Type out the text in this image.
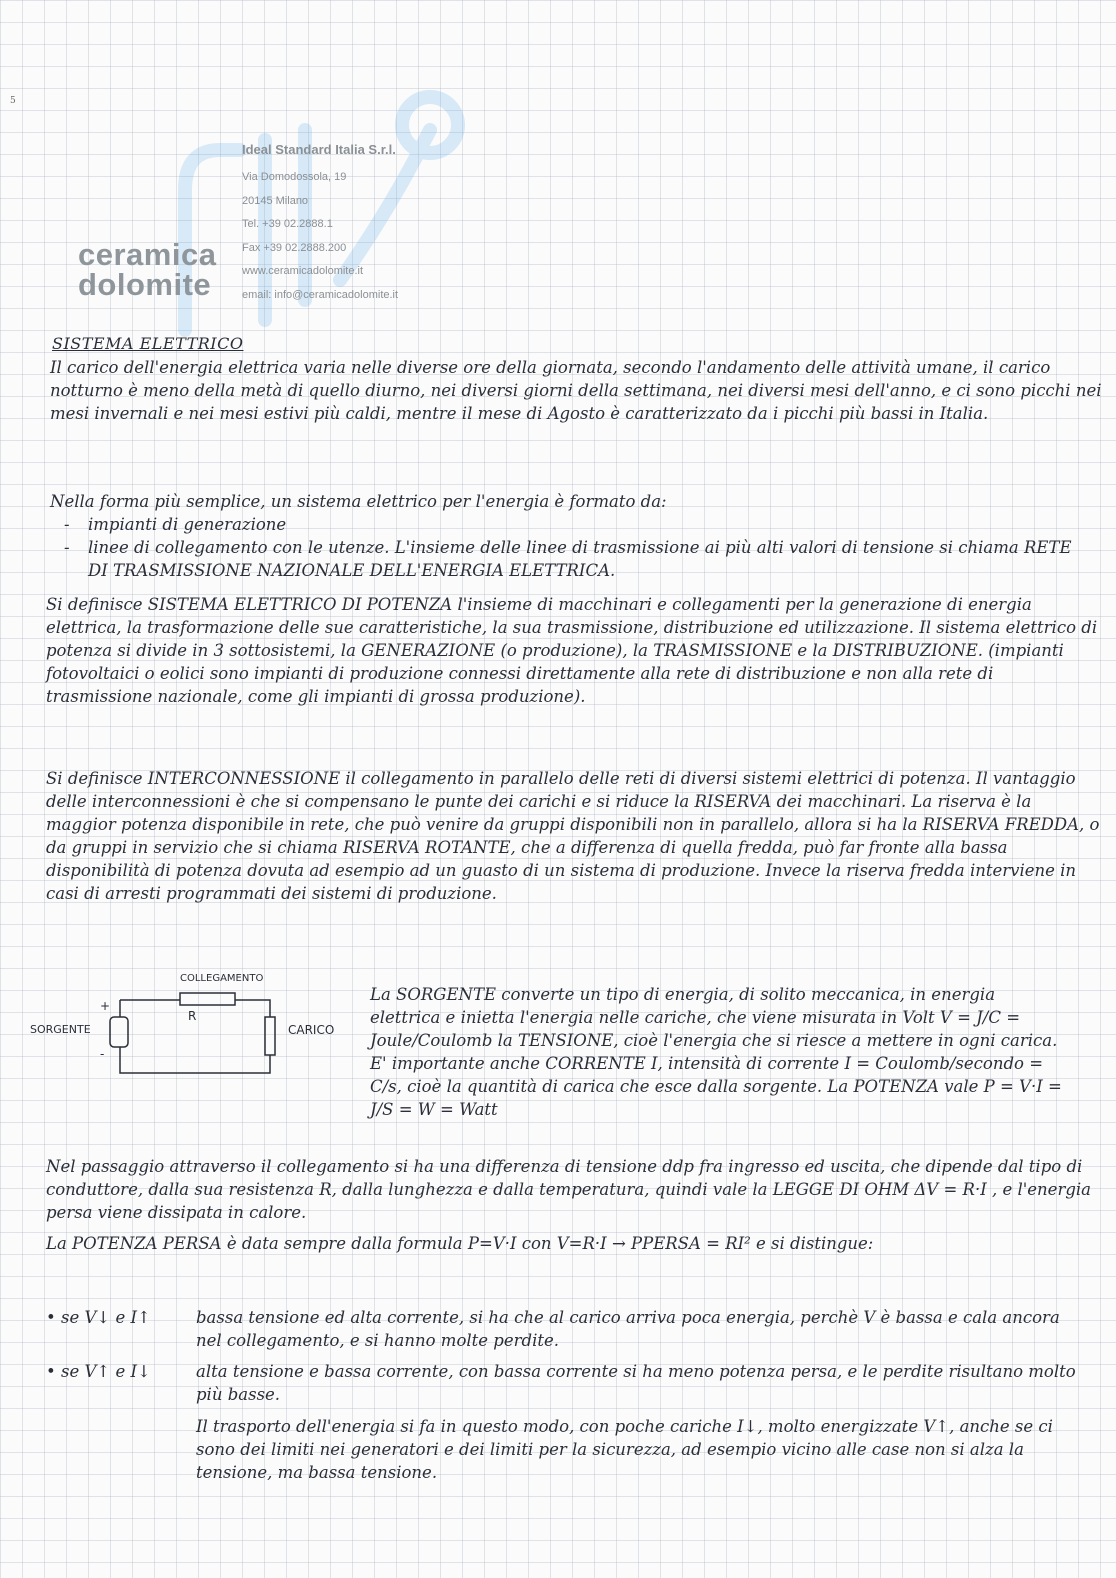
5
ceramica
dolomite
Ideal Standard Italia S.r.l.
Via Domodossola, 19
20145 Milano
Tel. +39 02.2888.1
Fax +39 02.2888.200
www.ceramicadolomite.it
email: info@ceramicadolomite.it
SISTEMA ELETTRICO
Il carico dell'energia elettrica varia nelle diverse ore della giornata, secondo l'andamento delle attività umane, il carico notturno è meno della metà di quello diurno, nei diversi giorni della settimana, nei diversi mesi dell'anno, e ci sono picchi nei mesi invernali e nei mesi estivi più caldi, mentre il mese di Agosto è caratterizzato da i picchi più bassi in Italia.
Nella forma più semplice, un sistema elettrico per l'energia è formato da:
- impianti di generazione
- linee di collegamento con le utenze. L'insieme delle linee di trasmissione ai più alti valori di tensione si chiama RETE DI TRASMISSIONE NAZIONALE DELL'ENERGIA ELETTRICA.
Si definisce SISTEMA ELETTRICO DI POTENZA l'insieme di macchinari e collegamenti per la generazione di energia elettrica, la trasformazione delle sue caratteristiche, la sua trasmissione, distribuzione ed utilizzazione. Il sistema elettrico di potenza si divide in 3 sottosistemi, la GENERAZIONE (o produzione), la TRASMISSIONE e la DISTRIBUZIONE. (impianti fotovoltaici o eolici sono impianti di produzione connessi direttamente alla rete di distribuzione e non alla rete di trasmissione nazionale, come gli impianti di grossa produzione).
Si definisce INTERCONNESSIONE il collegamento in parallelo delle reti di diversi sistemi elettrici di potenza. Il vantaggio delle interconnessioni è che si compensano le punte dei carichi e si riduce la RISERVA dei macchinari. La riserva è la maggior potenza disponibile in rete, che può venire da gruppi disponibili non in parallelo, allora si ha la RISERVA FREDDA, o da gruppi in servizio che si chiama RISERVA ROTANTE, che a differenza di quella fredda, può far fronte alla bassa disponibilità di potenza dovuta ad esempio ad un guasto di un sistema di produzione. Invece la riserva fredda interviene in casi di arresti programmati dei sistemi di produzione.
COLLEGAMENTO
SORGENTE	CARICO
R
+
-
La SORGENTE converte un tipo di energia, di solito meccanica, in energia elettrica e inietta l'energia nelle cariche, che viene misurata in Volt V = J/C = Joule/Coulomb la TENSIONE, cioè l'energia che si riesce a mettere in ogni carica. E' importante anche CORRENTE I, intensità di corrente I = Coulomb/secondo = C/s, cioè la quantità di carica che esce dalla sorgente. La POTENZA vale P = V·I = J/S = W = Watt
Nel passaggio attraverso il collegamento si ha una differenza di tensione ddp fra ingresso ed uscita, che dipende dal tipo di conduttore, dalla sua resistenza R, dalla lunghezza e dalla temperatura, quindi vale la LEGGE DI OHM ΔV = R·I , e l'energia persa viene dissipata in calore.
La POTENZA PERSA è data sempre dalla formula P=V·I con V=R·I → PPERSA = RI² e si distingue:
• se V↓ e I↑	bassa tensione ed alta corrente, si ha che al carico arriva poca energia, perchè V è bassa e cala ancora nel collegamento, e si hanno molte perdite.
• se V↑ e I↓	alta tensione e bassa corrente, con bassa corrente si ha meno potenza persa, e le perdite risultano molto più basse.
Il trasporto dell'energia si fa in questo modo, con poche cariche I↓, molto energizzate V↑, anche se ci sono dei limiti nei generatori e dei limiti per la sicurezza, ad esempio vicino alle case non si alza la tensione, ma bassa tensione.
